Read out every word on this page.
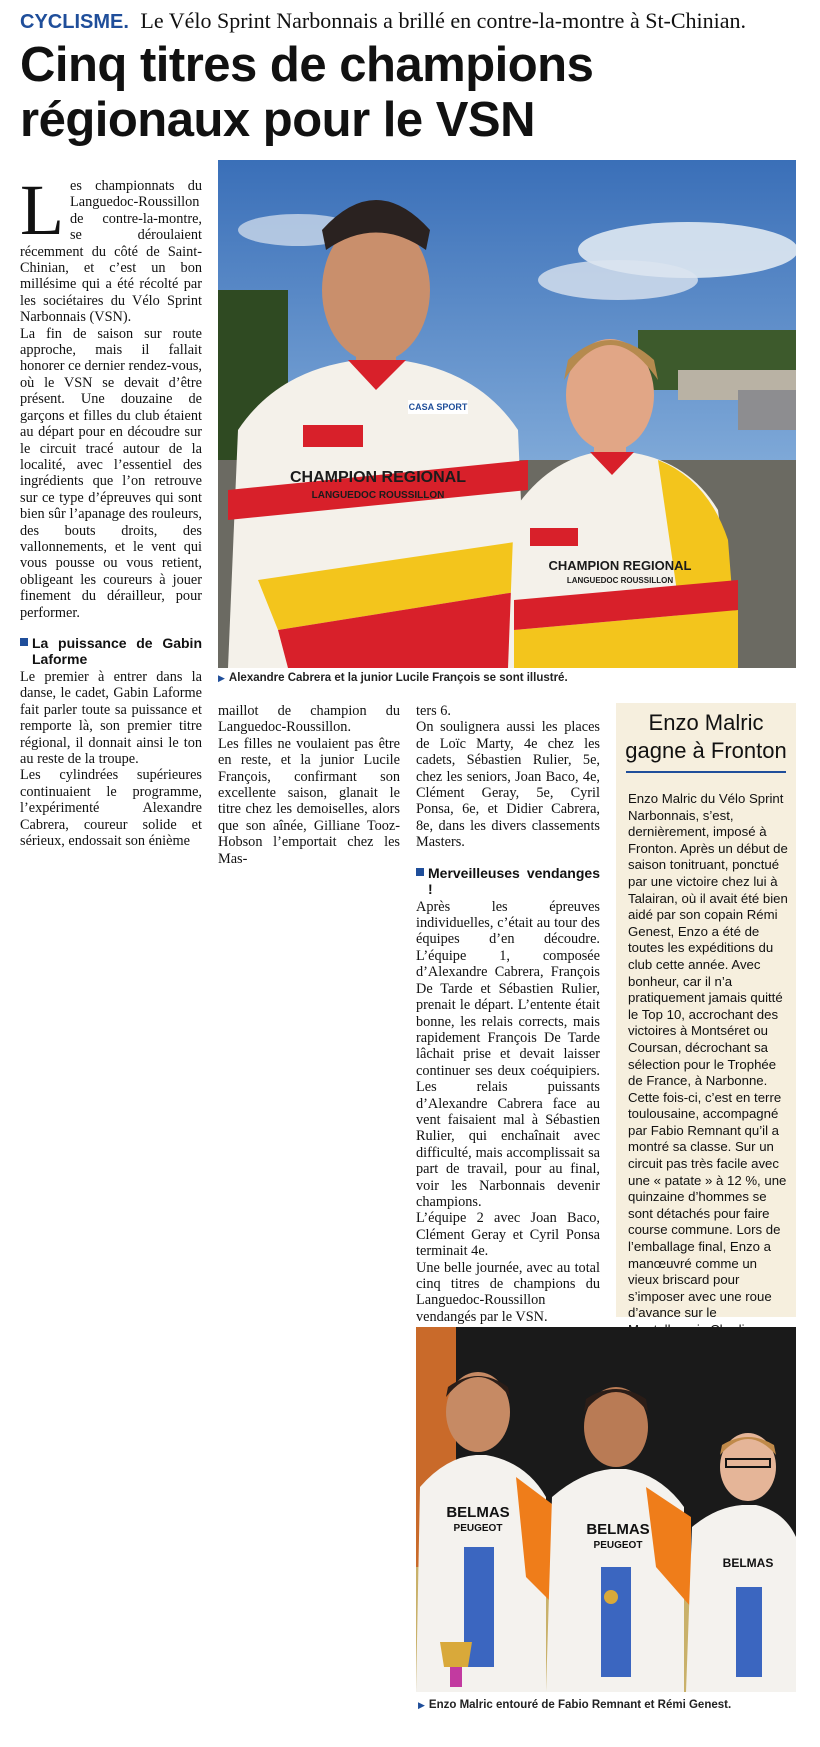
CYCLISME. Le Vélo Sprint Narbonnais a brillé en contre-la-montre à St-Chinian.
Cinq titres de champions
régionaux pour le VSN
L es championnats du Languedoc-Roussillon de contre-la-montre, se déroulaient récemment du côté de Saint-Chinian, et c’est un bon millésime qui a été récolté par les sociétaires du Vélo Sprint Narbonnais (VSN).

La fin de saison sur route approche, mais il fallait honorer ce dernier rendez-vous, où le VSN se devait d’être présent. Une douzaine de garçons et filles du club étaient au départ pour en découdre sur le circuit tracé autour de la localité, avec l’essentiel des ingrédients que l’on retrouve sur ce type d’épreuves qui sont bien sûr l’apanage des rouleurs, des bouts droits, des vallonnements, et le vent qui vous pousse ou vous retient, obligeant les coureurs à jouer finement du dérailleur, pour performer.

La puissance de Gabin Laforme

Le premier à entrer dans la danse, le cadet, Gabin Laforme fait parler toute sa puissance et remporte là, son premier titre régional, il donnait ainsi le ton au reste de la troupe.

Les cylindrées supérieures continuaient le programme, l’expérimenté Alexandre Cabrera, coureur solide et sérieux, endossait son énième

CHAMPION REGIONAL
LANGUEDOC ROUSSILLON
CASA SPORT
CHAMPION REGIONAL
LANGUEDOC ROUSSILLON
▶ Alexandre Cabrera et la junior Lucile François se sont illustré.

maillot de champion du Languedoc-Roussillon.

Les filles ne voulaient pas être en reste, et la junior Lucile François, confirmant son excellente saison, glanait le titre chez les demoiselles, alors que son aînée, Gilliane Tooz-Hobson l’emportait chez les Mas-

ters 6.

On soulignera aussi les places de Loïc Marty, 4e chez les cadets, Sébastien Rulier, 5e, chez les seniors, Joan Baco, 4e, Clément Geray, 5e, Cyril Ponsa, 6e, et Didier Cabrera, 8e, dans les divers classements Masters.

Merveilleuses vendanges !

Après les épreuves individuelles, c’était au tour des équipes d’en découdre. L’équipe 1, composée d’Alexandre Cabrera, François De Tarde et Sébastien Rulier, prenait le départ. L’entente était bonne, les relais corrects, mais rapidement François De Tarde lâchait prise et devait laisser continuer ses deux coéquipiers. Les relais puissants d’Alexandre Cabrera face au vent faisaient mal à Sébastien Rulier, qui enchaînait avec difficulté, mais accomplissait sa part de travail, pour au final, voir les Narbonnais devenir champions.

L’équipe 2 avec Joan Baco, Clément Geray et Cyril Ponsa terminait 4e.

Une belle journée, avec au total cinq titres de champions du Languedoc-Roussillon vendangés par le VSN.

Enzo Malric
gagne à Fronton

Enzo Malric du Vélo Sprint Narbonnais, s’est, dernièrement, imposé à Fronton. Après un début de saison tonitruant, ponctué par une victoire chez lui à Talairan, où il avait été bien aidé par son copain Rémi Genest, Enzo a été de toutes les expéditions du club cette année. Avec bonheur, car il n’a pratiquement jamais quitté le Top 10, accrochant des victoires à Montséret ou Coursan, décrochant sa sélection pour le Trophée de France, à Narbonne.

Cette fois-ci, c’est en terre toulousaine, accompagné par Fabio Remnant qu’il a montré sa classe. Sur un circuit pas très facile avec une « patate » à 12 %, une quinzaine d’hommes se sont détachés pour faire course commune. Lors de l’emballage final, Enzo a manœuvré comme un vieux briscard pour s’imposer avec une roue d’avance sur le

BELMAS
PEUGEOT	BELMAS
PEUGEOT
BELMAS
▶ Enzo Malric entouré de Fabio Remnant et Rémi Genest.
